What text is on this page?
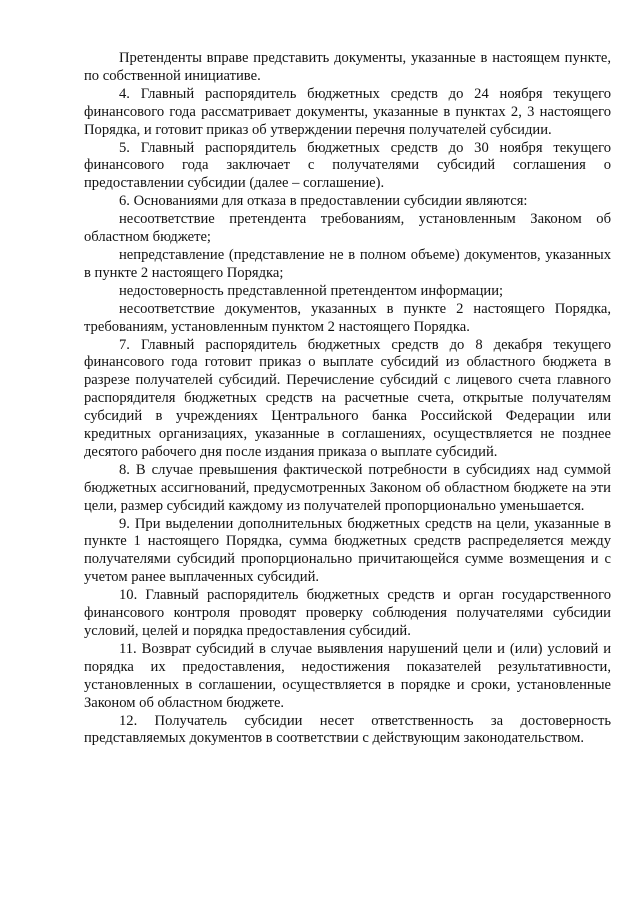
Претенденты вправе представить документы, указанные в настоящем пункте, по собственной инициативе.

4. Главный распорядитель бюджетных средств до 24 ноября текущего финансового года рассматривает документы, указанные в пунктах 2, 3 настоящего Порядка, и готовит приказ об утверждении перечня получателей субсидии.

5. Главный распорядитель бюджетных средств до 30 ноября текущего финансового года заключает с получателями субсидий соглашения о предоставлении субсидии (далее – соглашение).

6. Основаниями для отказа в предоставлении субсидии являются:

несоответствие претендента требованиям, установленным Законом об областном бюджете;

непредставление (представление не в полном объеме) документов, указанных в пункте 2 настоящего Порядка;

недостоверность представленной претендентом информации;

несоответствие документов, указанных в пункте 2 настоящего Порядка, требованиям, установленным пунктом 2 настоящего Порядка.

7. Главный распорядитель бюджетных средств до 8 декабря текущего финансового года готовит приказ о выплате субсидий из областного бюджета в разрезе получателей субсидий. Перечисление субсидий с лицевого счета главного распорядителя бюджетных средств на расчетные счета, открытые получателям субсидий в учреждениях Центрального банка Российской Федерации или кредитных организациях, указанные в соглашениях, осуществляется не позднее десятого рабочего дня после издания приказа о выплате субсидий.

8. В случае превышения фактической потребности в субсидиях над суммой бюджетных ассигнований, предусмотренных Законом об областном бюджете на эти цели, размер субсидий каждому из получателей пропорционально уменьшается.

9. При выделении дополнительных бюджетных средств на цели, указанные в пункте 1 настоящего Порядка, сумма бюджетных средств распределяется между получателями субсидий пропорционально причитающейся сумме возмещения и с учетом ранее выплаченных субсидий.

10. Главный распорядитель бюджетных средств и орган государственного финансового контроля проводят проверку соблюдения получателями субсидии условий, целей и порядка предоставления субсидий.

11. Возврат субсидий в случае выявления нарушений цели и (или) условий и порядка их предоставления, недостижения показателей результативности, установленных в соглашении, осуществляется в порядке и сроки, установленные Законом об областном бюджете.

12. Получатель субсидии несет ответственность за достоверность представляемых документов в соответствии с действующим законодательством.
